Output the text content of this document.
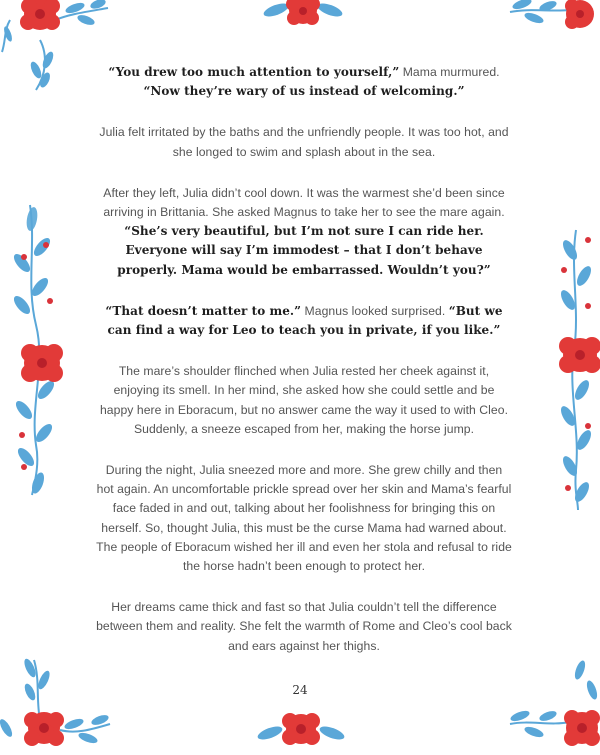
“You drew too much attention to yourself,” Mama murmured. “Now they’re wary of us instead of welcoming.”

Julia felt irritated by the baths and the unfriendly people. It was too hot, and she longed to swim and splash about in the sea.

After they left, Julia didn’t cool down. It was the warmest she’d been since arriving in Brittania. She asked Magnus to take her to see the mare again. “She’s very beautiful, but I’m not sure I can ride her. Everyone will say I’m immodest – that I don’t behave properly. Mama would be embarrassed. Wouldn’t you?”

“That doesn’t matter to me.” Magnus looked surprised. “But we can find a way for Leo to teach you in private, if you like.”

The mare’s shoulder flinched when Julia rested her cheek against it, enjoying its smell. In her mind, she asked how she could settle and be happy here in Eboracum, but no answer came the way it used to with Cleo. Suddenly, a sneeze escaped from her, making the horse jump.

During the night, Julia sneezed more and more. She grew chilly and then hot again. An uncomfortable prickle spread over her skin and Mama’s fearful face faded in and out, talking about her foolishness for bringing this on herself. So, thought Julia, this must be the curse Mama had warned about. The people of Eboracum wished her ill and even her stola and refusal to ride the horse hadn’t been enough to protect her.

Her dreams came thick and fast so that Julia couldn’t tell the difference between them and reality. She felt the warmth of Rome and Cleo’s cool back and ears against her thighs.

24
